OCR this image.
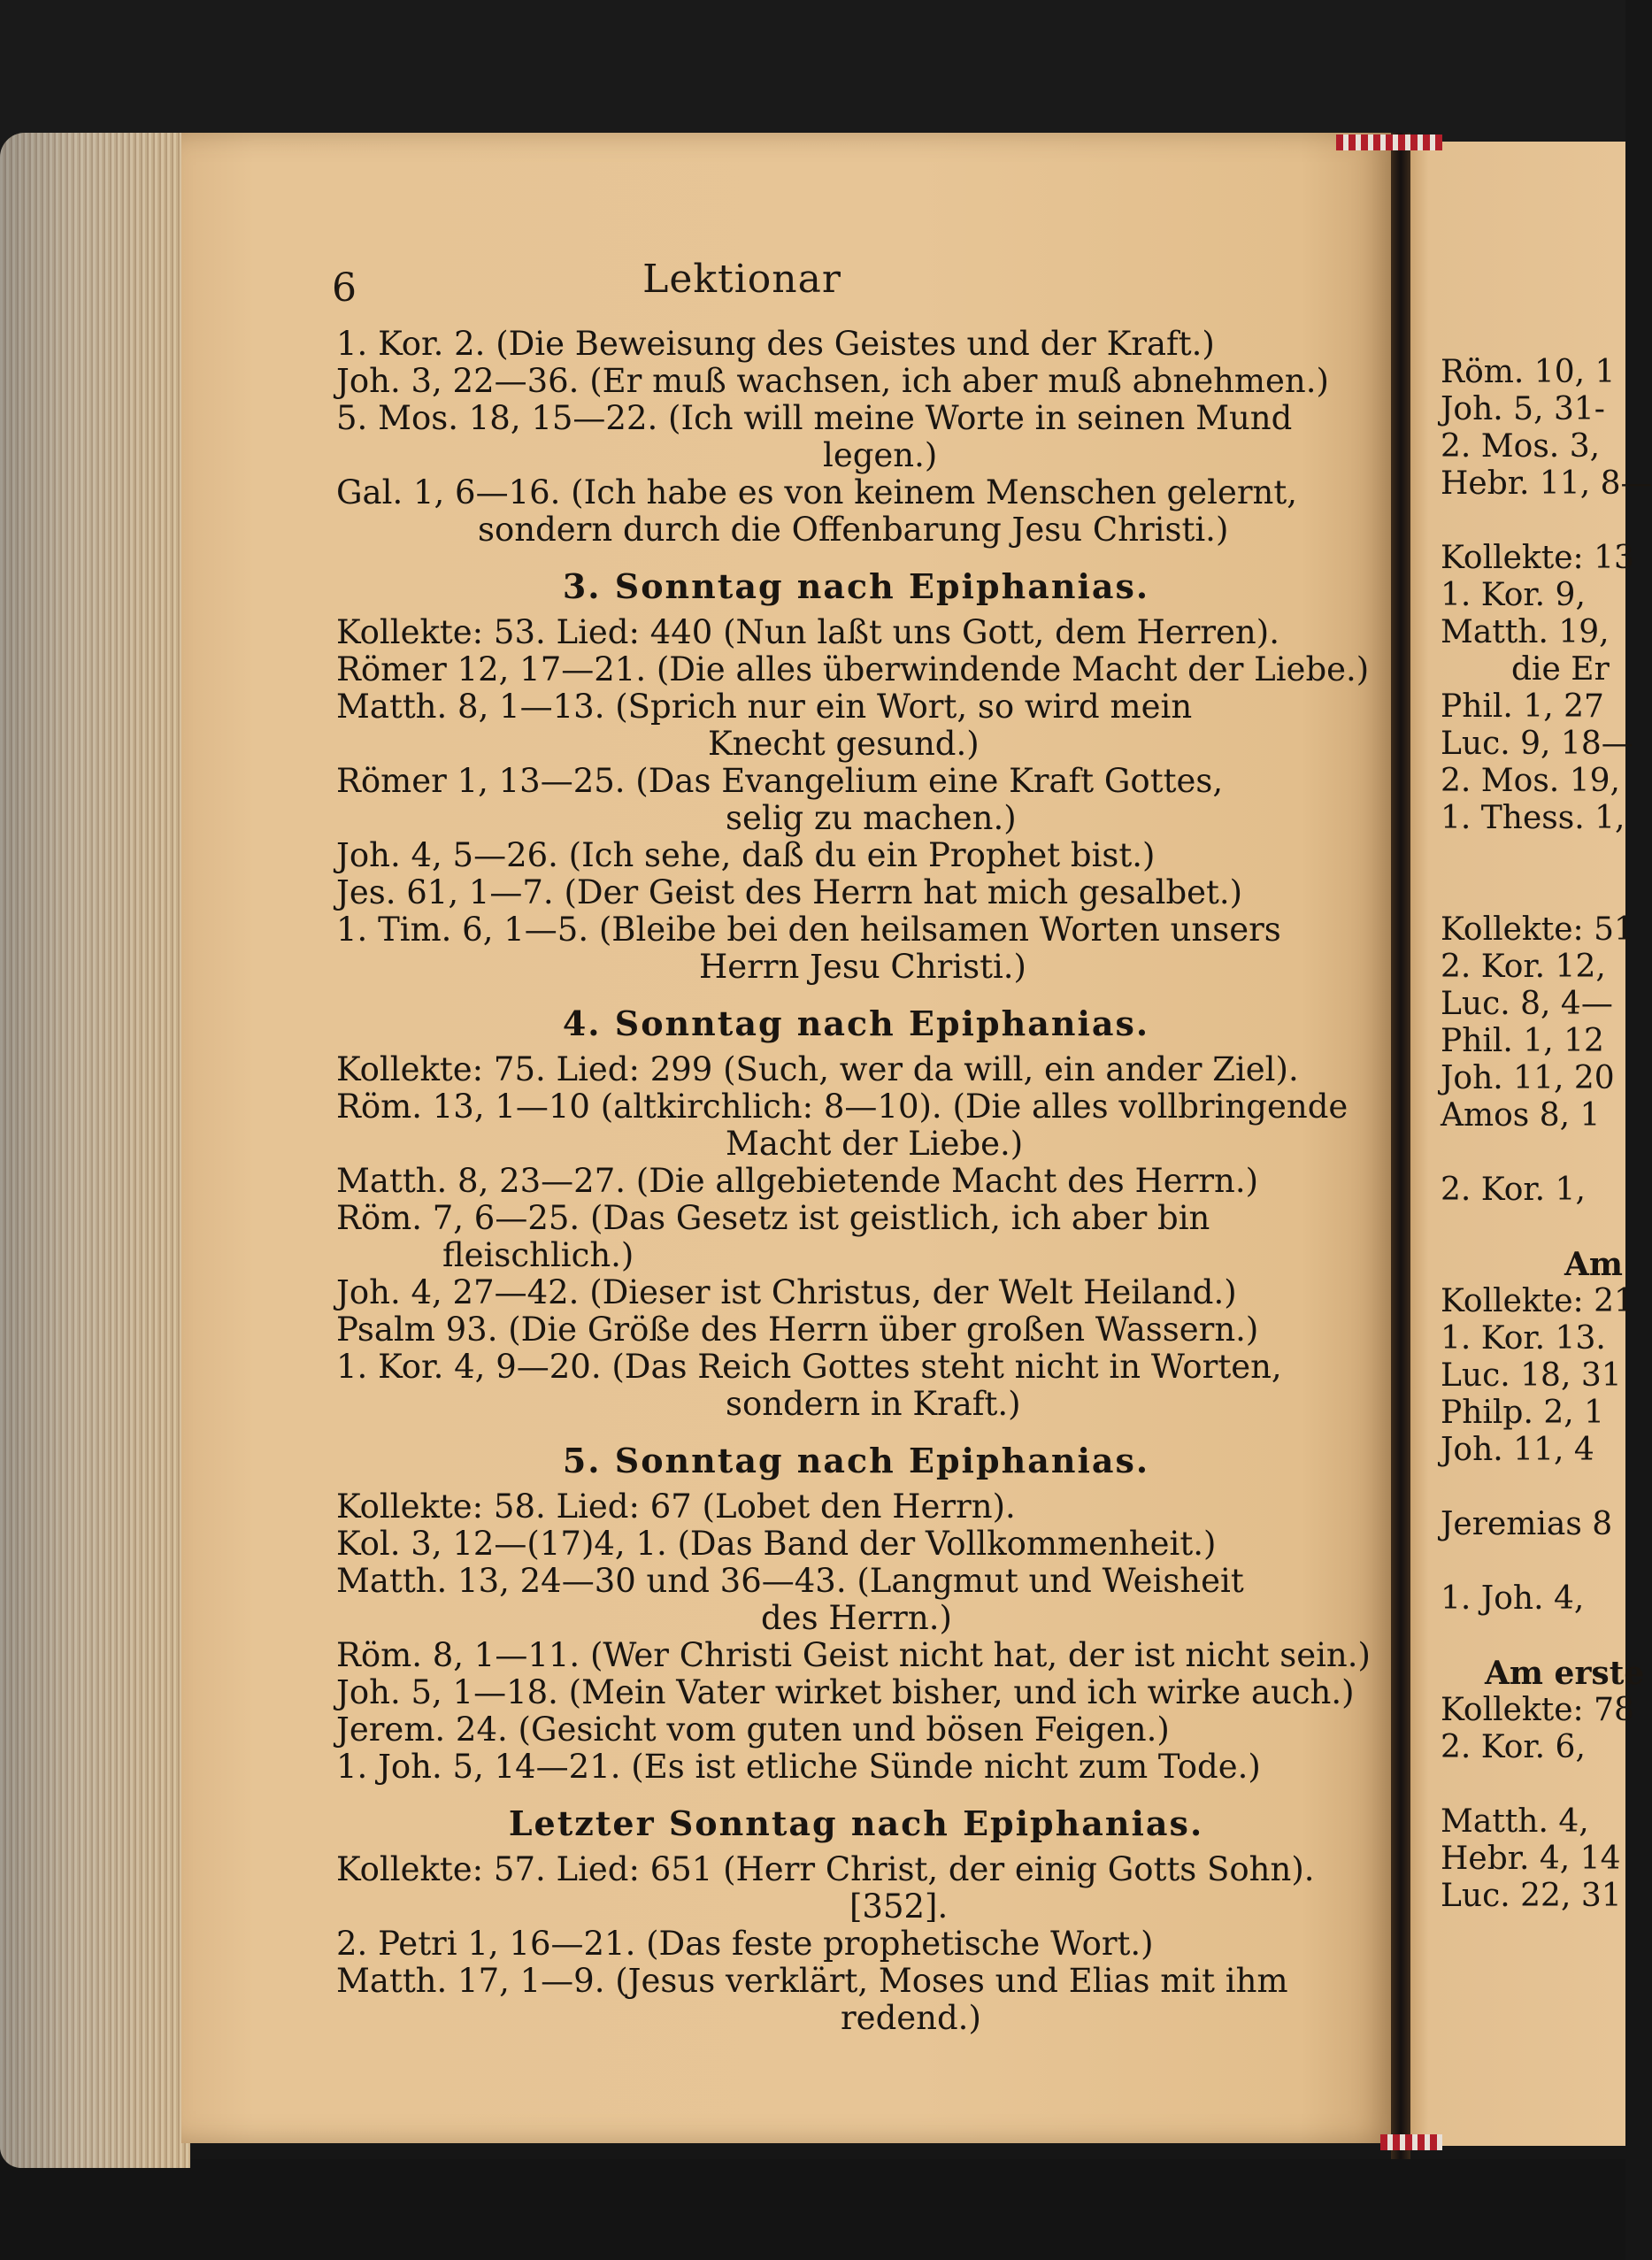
6	Lektionar

1. Kor. 2. (Die Beweisung des Geistes und der Kraft.)

Joh. 3, 22—36. (Er muß wachsen, ich aber muß abnehmen.)

5. Mos. 18, 15—22. (Ich will meine Worte in seinen Mund

legen.)

Gal. 1, 6—16. (Ich habe es von keinem Menschen gelernt,

sondern durch die Offenbarung Jesu Christi.)

3. Sonntag nach Epiphanias.

Kollekte: 53. Lied: 440 (Nun laßt uns Gott, dem Herren).

Römer 12, 17—21. (Die alles überwindende Macht der Liebe.)

Matth. 8, 1—13. (Sprich nur ein Wort, so wird mein

Knecht gesund.)

Römer 1, 13—25. (Das Evangelium eine Kraft Gottes,

selig zu machen.)

Joh. 4, 5—26. (Ich sehe, daß du ein Prophet bist.)

Jes. 61, 1—7. (Der Geist des Herrn hat mich gesalbet.)

1. Tim. 6, 1—5. (Bleibe bei den heilsamen Worten unsers

Herrn Jesu Christi.)

4. Sonntag nach Epiphanias.

Kollekte: 75. Lied: 299 (Such, wer da will, ein ander Ziel).

Röm. 13, 1—10 (altkirchlich: 8—10). (Die alles vollbringende

Macht der Liebe.)

Matth. 8, 23—27. (Die allgebietende Macht des Herrn.)

Röm. 7, 6—25. (Das Gesetz ist geistlich, ich aber bin fleischlich.)

Joh. 4, 27—42. (Dieser ist Christus, der Welt Heiland.)

Psalm 93. (Die Größe des Herrn über großen Wassern.)

1. Kor. 4, 9—20. (Das Reich Gottes steht nicht in Worten,

sondern in Kraft.)

5. Sonntag nach Epiphanias.

Kollekte: 58. Lied: 67 (Lobet den Herrn).

Kol. 3, 12—(17)4, 1. (Das Band der Vollkommenheit.)

Matth. 13, 24—30 und 36—43. (Langmut und Weisheit

des Herrn.)

Röm. 8, 1—11. (Wer Christi Geist nicht hat, der ist nicht sein.)

Joh. 5, 1—18. (Mein Vater wirket bisher, und ich wirke auch.)

Jerem. 24. (Gesicht vom guten und bösen Feigen.)

1. Joh. 5, 14—21. (Es ist etliche Sünde nicht zum Tode.)

Letzter Sonntag nach Epiphanias.

Kollekte: 57. Lied: 651 (Herr Christ, der einig Gotts Sohn).

[352].

2. Petri 1, 16—21. (Das feste prophetische Wort.)

Matth. 17, 1—9. (Jesus verklärt, Moses und Elias mit ihm

redend.)

Röm. 10, 1
Joh. 5, 31-
2. Mos. 3,
Hebr. 11, 8—
Kollekte: 13
1. Kor. 9,
Matth. 19,
die Er
Phil. 1, 27
Luc. 9, 18—
2. Mos. 19,
1. Thess. 1,
Kollekte: 51
2. Kor. 12,
Luc. 8, 4—
Phil. 1, 12
Joh. 11, 20
Amos 8, 1
2. Kor. 1,
Am
Kollekte: 21
1. Kor. 13.
Luc. 18, 31
Philp. 2, 1
Joh. 11, 4
Jeremias 8
1. Joh. 4,
Am erste
Kollekte: 78
2. Kor. 6,
Matth. 4,
Hebr. 4, 14
Luc. 22, 31
